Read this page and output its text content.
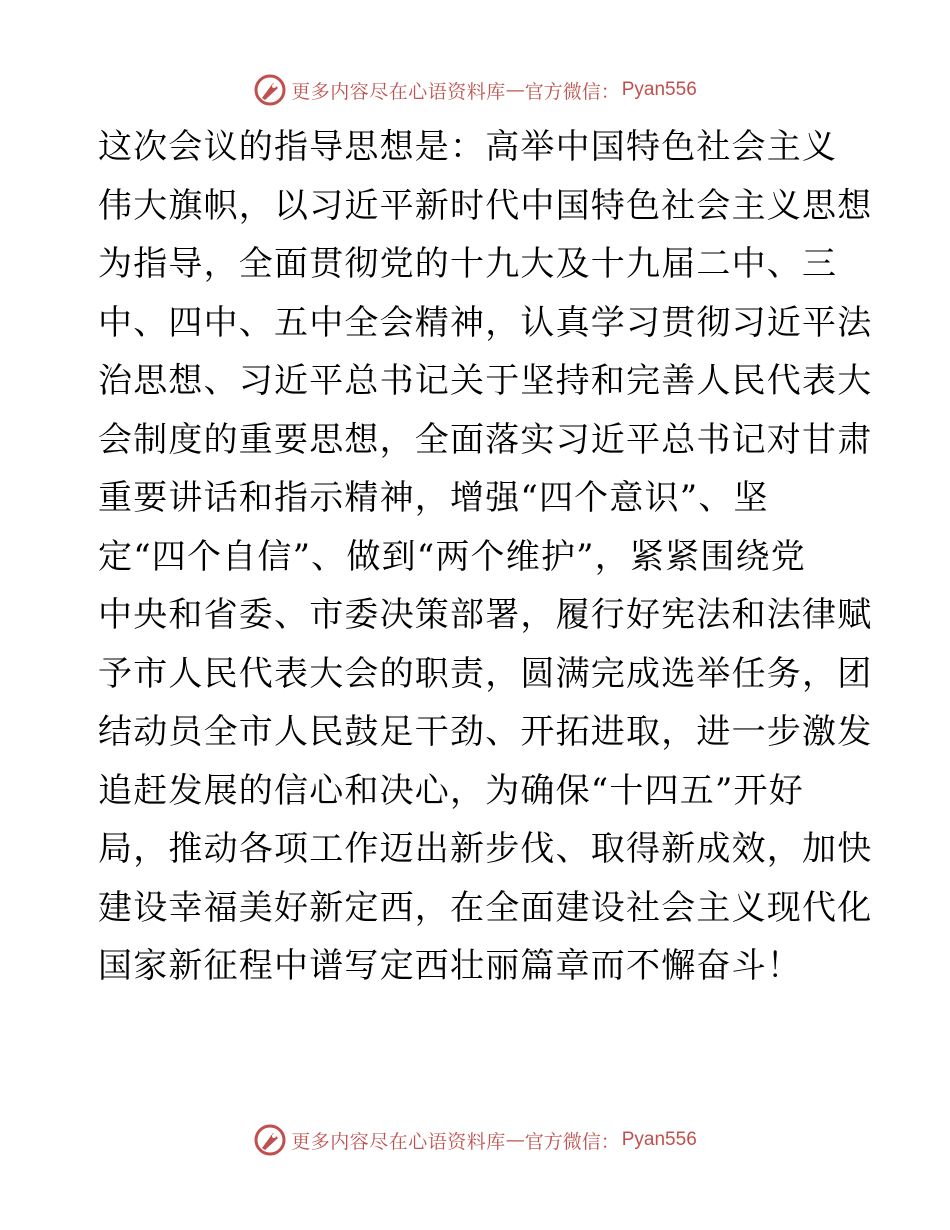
更多内容尽在心语资料库 — 官方微信： Pyan556
这次会议的指导思想是：高举中国特色社会主义
伟大旗帜，以习近平新时代中国特色社会主义思想
为指导，全面贯彻党的十九大及十九届二中、三
中、四中、五中全会精神，认真学习贯彻习近平法
治思想、习近平总书记关于坚持和完善人民代表大
会制度的重要思想，全面落实习近平总书记对甘肃
重要讲话和指示精神，增强“四个意识”、坚
定“四个自信”、做到“两个维护”，紧紧围绕党
中央和省委、市委决策部署，履行好宪法和法律赋
予市人民代表大会的职责，圆满完成选举任务，团
结动员全市人民鼓足干劲、开拓进取，进一步激发
追赶发展的信心和决心，为确保“十四五”开好
局，推动各项工作迈出新步伐、取得新成效，加快
建设幸福美好新定西，在全面建设社会主义现代化
国家新征程中谱写定西壮丽篇章而不懈奋斗！
更多内容尽在心语资料库 — 官方微信： Pyan556
